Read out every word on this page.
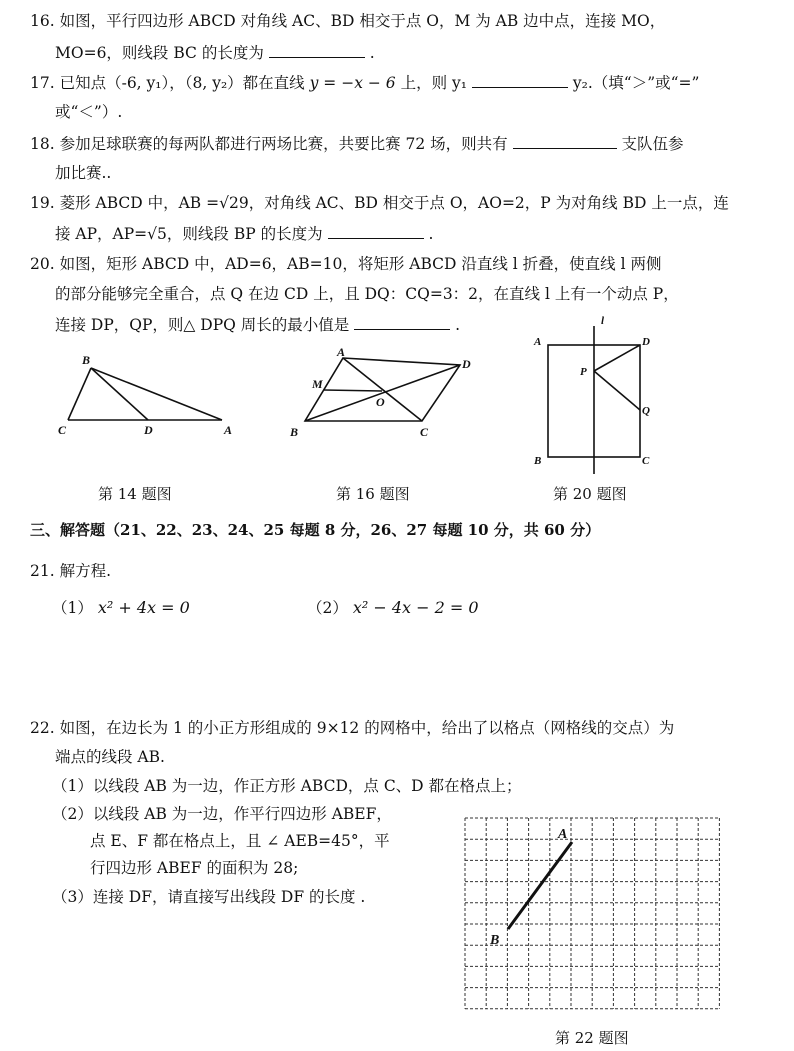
16. 如图，平行四边形 ABCD 对角线 AC、BD 相交于点 O，M 为 AB 边中点，连接 MO，
MO=6，则线段 BC 的长度为	.
17. 已知点（-6, y₁），（8, y₂）都在直线 y = −x − 6 上，则 y₁	y₂.（填“＞”或“=”
或“＜”）.
18. 参加足球联赛的每两队都进行两场比赛，共要比赛 72 场，则共有	支队伍参
加比赛..
19. 菱形 ABCD 中，AB =√29，对角线 AC、BD 相交于点 O，AO=2，P 为对角线 BD 上一点，连
接 AP，AP=√5，则线段 BP 的长度为	.
20. 如图，矩形 ABCD 中，AD=6，AB=10，将矩形 ABCD 沿直线 l 折叠，使直线 l 两侧
的部分能够完全重合，点 Q 在边 CD 上，且 DQ：CQ=3：2，在直线 l 上有一个动点 P，
连接 DP，QP，则△ DPQ 周长的最小值是	.
B
C	D	A
第 14 题图
A
D
M
O
B	C
第 16 题图
l
A	D
P
Q
B	C
第 20 题图
三、解答题（21、22、23、24、25 每题 8 分，26、27 每题 10 分，共 60 分）
21. 解方程.
（1） x² + 4x = 0	（2） x² − 4x − 2 = 0
22. 如图，在边长为 1 的小正方形组成的 9×12 的网格中，给出了以格点（网格线的交点）为
端点的线段 AB.
（1）以线段 AB 为一边，作正方形 ABCD，点 C、D 都在格点上；
（2）以线段 AB 为一边，作平行四边形 ABEF，
点 E、F 都在格点上，且 ∠ AEB=45°，平
行四边形 ABEF 的面积为 28;
（3）连接 DF，请直接写出线段 DF 的长度 .
A
B
第 22 题图
